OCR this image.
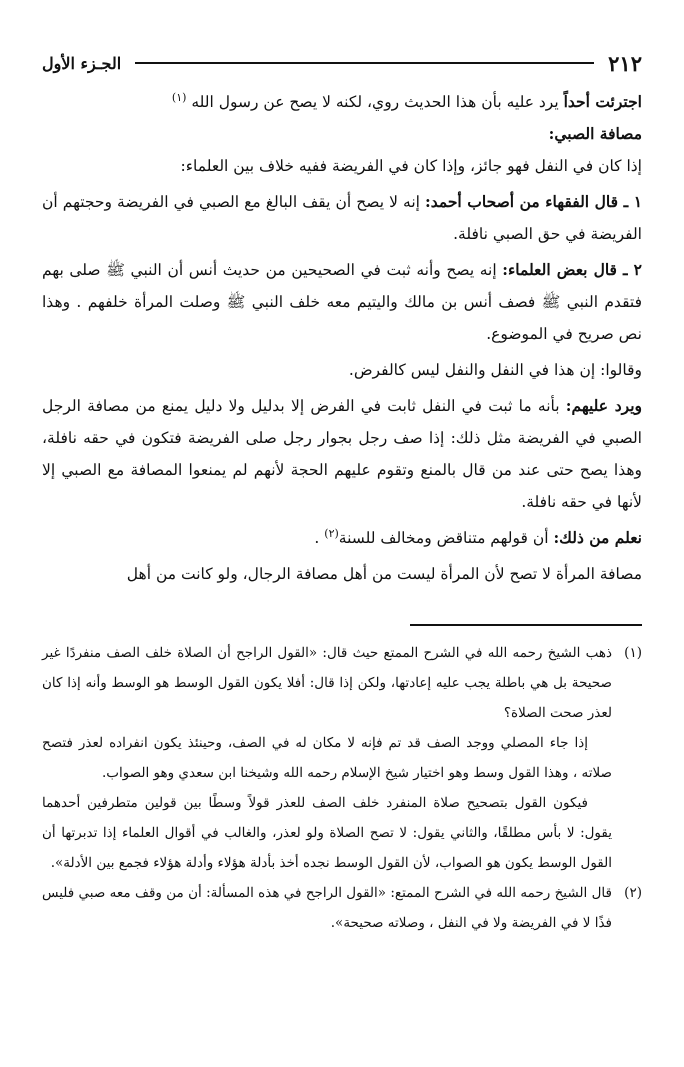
٢١٢
الجـزء الأول

اجترئت أحداً يرد عليه بأن هذا الحديث روي، لكنه لا يصح عن رسول الله $^{(١)}$

مصافة الصبي:

إذا كان في النفل فهو جائز، وإذا كان في الفريضة ففيه خلاف بين العلماء:

١ ـ قال الفقهاء من أصحاب أحمد: إنه لا يصح أن يقف البالغ مع الصبي في الفريضة وحجتهم أن الفريضة في حق الصبي نافلة.

٢ ـ قال بعض العلماء: إنه يصح وأنه ثبت في الصحيحين من حديث أنس أن النبي ﷺ صلى بهم فتقدم النبي ﷺ فصف أنس بن مالك واليتيم معه خلف النبي ﷺ وصلت المرأة خلفهم . وهذا نص صريح في الموضوع.

وقالوا: إن هذا في النفل والنفل ليس كالفرض.

ويرد عليهم: بأنه ما ثبت في النفل ثابت في الفرض إلا بدليل ولا دليل يمنع من مصافة الرجل الصبي في الفريضة مثل ذلك: إذا صف رجل بجوار رجل صلى الفريضة فتكون في حقه نافلة، وهذا يصح حتى عند من قال بالمنع وتقوم عليهم الحجة لأنهم لم يمنعوا المصافة مع الصبي إلا لأنها في حقه نافلة.

نعلم من ذلك: أن قولهم متناقض ومخالف للسنة$^{(٢)}$ .

مصافة المرأة لا تصح لأن المرأة ليست من أهل مصافة الرجال، ولو كانت من أهل

(١)

ذهب الشيخ رحمه الله في الشرح الممتع حيث قال: «القول الراجح أن الصلاة خلف الصف منفردًا غير صحيحة بل هي باطلة يجب عليه إعادتها، ولكن إذا قال: أفلا يكون القول الوسط هو الوسط وأنه إذا كان لعذر صحت الصلاة؟

إذا جاء المصلي ووجد الصف قد تم فإنه لا مكان له في الصف، وحينئذ يكون انفراده لعذر فتصح صلاته ، وهذا القول وسط وهو اختيار شيخ الإسلام رحمه الله وشيخنا ابن سعدي وهو الصواب.

فيكون القول بتصحيح صلاة المنفرد خلف الصف للعذر قولاً وسطًا بين قولين متطرفين أحدهما يقول: لا بأس مطلقًا، والثاني يقول: لا تصح الصلاة ولو لعذر، والغالب في أقوال العلماء إذا تدبرتها أن القول الوسط يكون هو الصواب، لأن القول الوسط نجده أخذ بأدلة هؤلاء وأدلة هؤلاء فجمع بين الأدلة».

(٢)

قال الشيخ رحمه الله في الشرح الممتع: «القول الراجح في هذه المسألة: أن من وقف معه صبي فليس فذًا لا في الفريضة ولا في النفل ، وصلاته صحيحة».
